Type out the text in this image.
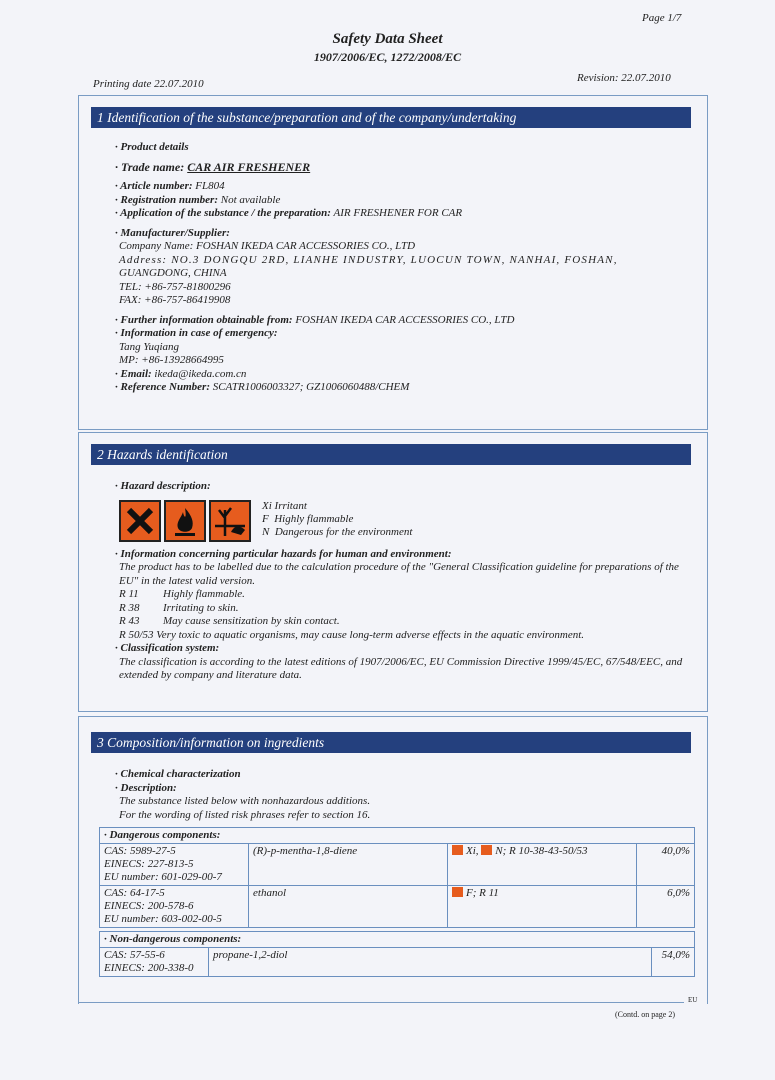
Page 1/7
Safety Data Sheet
1907/2006/EC, 1272/2008/EC
Printing date 22.07.2010	Revision: 22.07.2010
1 Identification of the substance/preparation and of the company/undertaking
· Product details
· Trade name: CAR AIR FRESHENER
· Article number: FL804
· Registration number: Not available
· Application of the substance / the preparation: AIR FRESHENER FOR CAR
· Manufacturer/Supplier:
Company Name: FOSHAN IKEDA CAR ACCESSORIES CO., LTD
Address: NO.3 DONGQU 2RD, LIANHE INDUSTRY, LUOCUN TOWN, NANHAI, FOSHAN,
GUANGDONG, CHINA
TEL: +86-757-81800296
FAX: +86-757-86419908
· Further information obtainable from: FOSHAN IKEDA CAR ACCESSORIES CO., LTD
· Information in case of emergency:
Tang Yuqiang
MP: +86-13928664995
· Email: ikeda@ikeda.com.cn
· Reference Number: SCATR1006003327; GZ1006060488/CHEM
2 Hazards identification
· Hazard description:
Xi Irritant
F  Highly flammable
N  Dangerous for the environment
· Information concerning particular hazards for human and environment:
The product has to be labelled due to the calculation procedure of the "General Classification guideline for preparations of the EU" in the latest valid version.
R 11 Highly flammable.
R 38 Irritating to skin.
R 43 May cause sensitization by skin contact.
R 50/53 Very toxic to aquatic organisms, may cause long-term adverse effects in the aquatic environment.
· Classification system:
The classification is according to the latest editions of 1907/2006/EC, EU Commission Directive 1999/45/EC, 67/548/EEC, and extended by company and literature data.
3 Composition/information on ingredients
· Chemical characterization
· Description:
The substance listed below with nonhazardous additions.
For the wording of listed risk phrases refer to section 16.
· Dangerous components:			

CAS: 5989-27-5
EINECS: 227-813-5
EU number: 601-029-00-7	(R)-p-mentha-1,8-diene	Xi, N; R 10-38-43-50/53	40,0%

CAS: 64-17-5
EINECS: 200-578-6
EU number: 603-002-00-5	ethanol	F; R 11	6,0%
· Non-dangerous components:

CAS: 57-55-6
EINECS: 200-338-0
	propane-1,2-diol	54,0%
EU
(Contd. on page 2)
